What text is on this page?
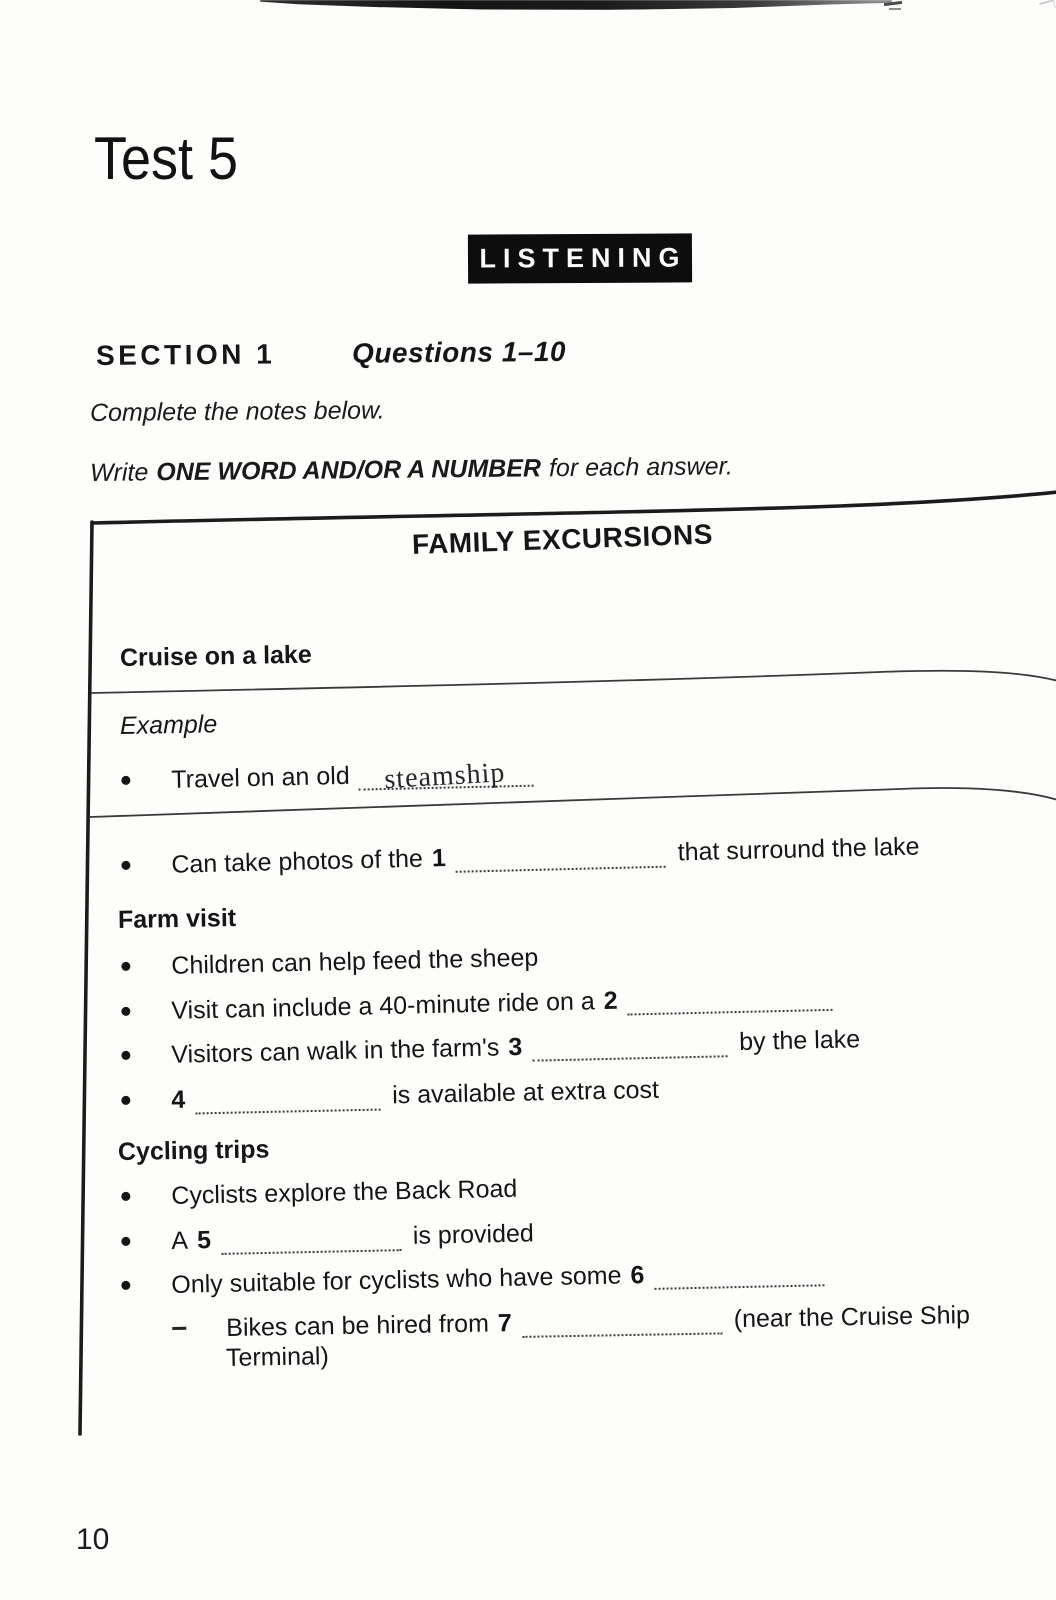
Test 5
LISTENING
SECTION 1	Questions 1–10

Complete the notes below.

Write ONE WORD AND/OR A NUMBER for each answer.

FAMILY EXCURSIONS
Cruise on a lake
Example
Travel on an old steamship
Can take photos of the 1	that surround the lake
Farm visit
Children can help feed the sheep
Visit can include a 40-minute ride on a 2
Visitors can walk in the farm's 3	by the lake
4	is available at extra cost
Cycling trips
Cyclists explore the Back Road
A 5	is provided
Only suitable for cyclists who have some 6
Bikes can be hired from 7	(near the Cruise Ship
Terminal)
10
